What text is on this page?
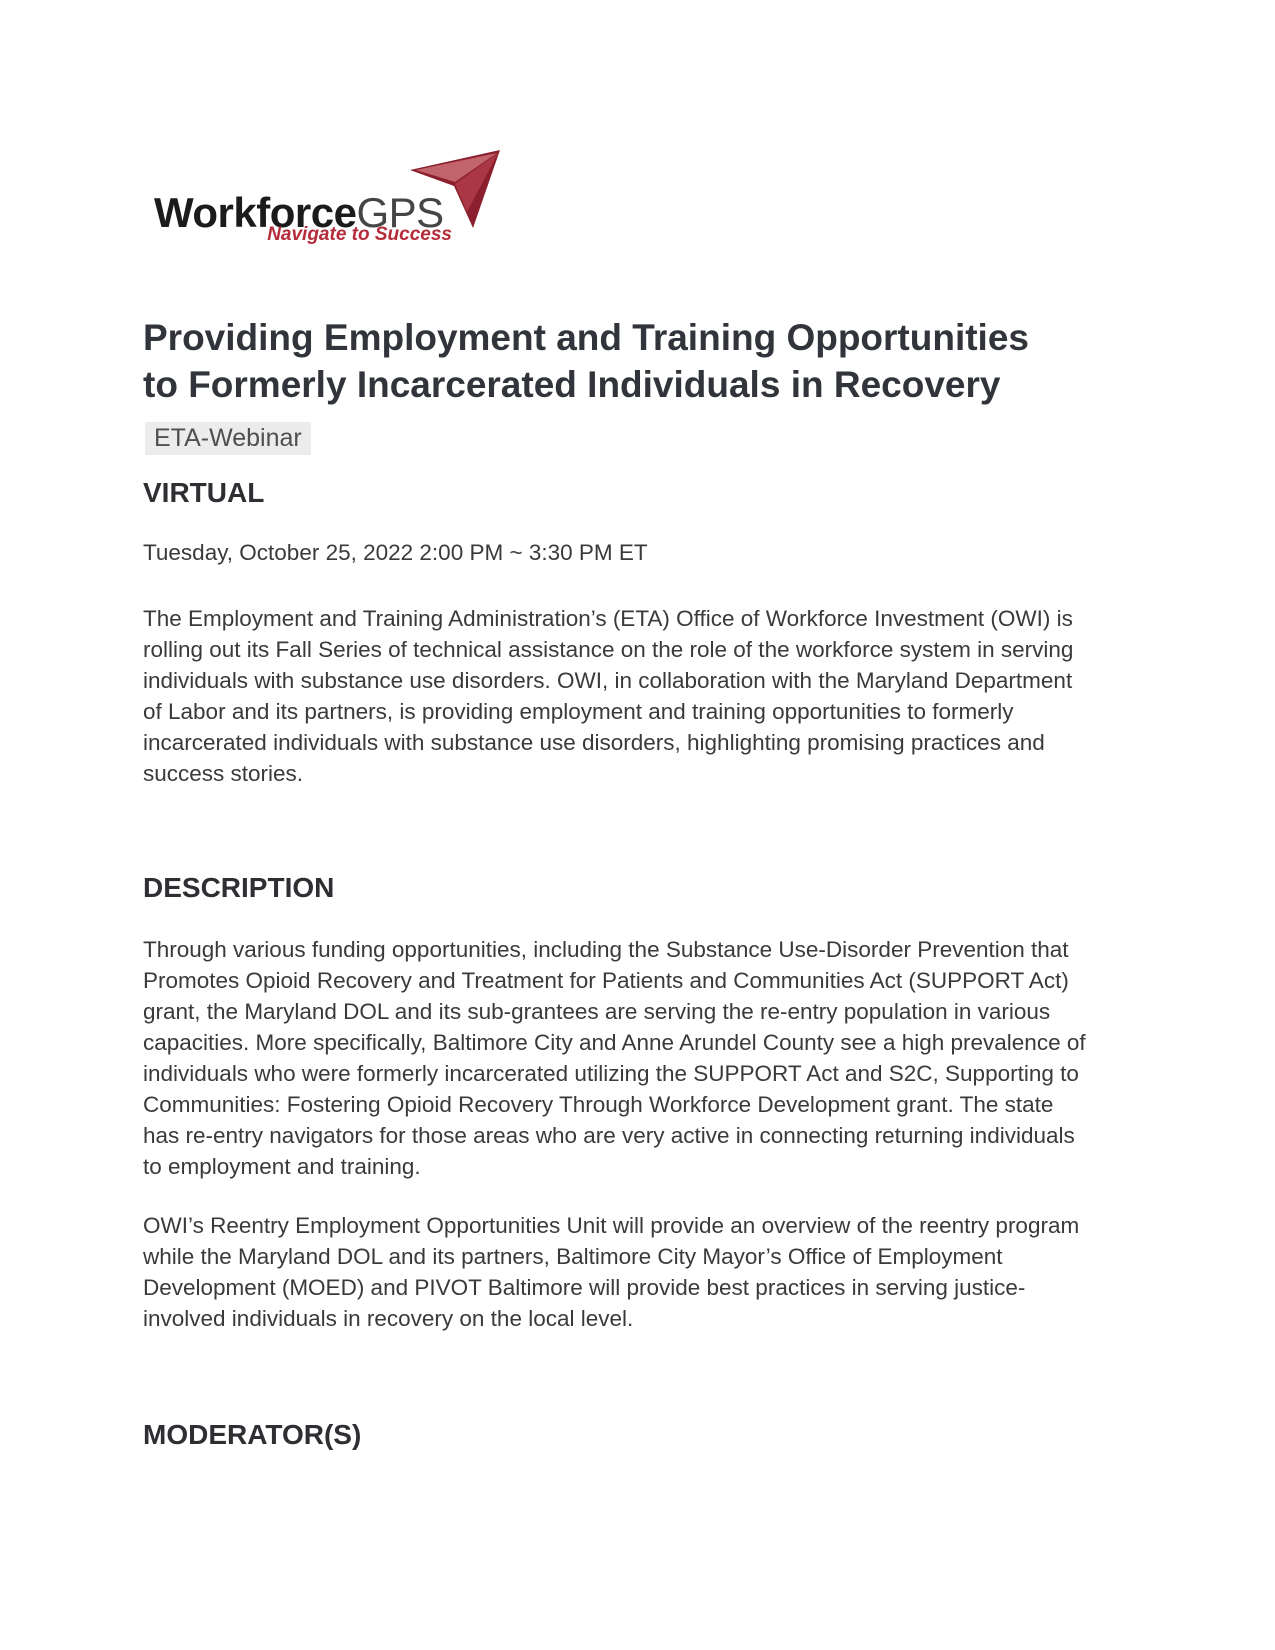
WorkforceGPS
Navigate to Success
Providing Employment and Training Opportunities to Formerly Incarcerated Individuals in Recovery
ETA-Webinar
VIRTUAL

Tuesday, October 25, 2022 2:00 PM ~ 3:30 PM ET

The Employment and Training Administration’s (ETA) Office of Workforce Investment (OWI) is rolling out its Fall Series of technical assistance on the role of the workforce system in serving individuals with substance use disorders. OWI, in collaboration with the Maryland Department of Labor and its partners, is providing employment and training opportunities to formerly incarcerated individuals with substance use disorders, highlighting promising practices and success stories.

DESCRIPTION

Through various funding opportunities, including the Substance Use-Disorder Prevention that Promotes Opioid Recovery and Treatment for Patients and Communities Act (SUPPORT Act) grant, the Maryland DOL and its sub-grantees are serving the re-entry population in various capacities. More specifically, Baltimore City and Anne Arundel County see a high prevalence of individuals who were formerly incarcerated utilizing the SUPPORT Act and S2C, Supporting to Communities: Fostering Opioid Recovery Through Workforce Development grant. The state has re-entry navigators for those areas who are very active in connecting returning individuals to employment and training.

OWI’s Reentry Employment Opportunities Unit will provide an overview of the reentry program while the Maryland DOL and its partners, Baltimore City Mayor’s Office of Employment Development (MOED) and PIVOT Baltimore will provide best practices in serving justice-involved individuals in recovery on the local level.

MODERATOR(S)
